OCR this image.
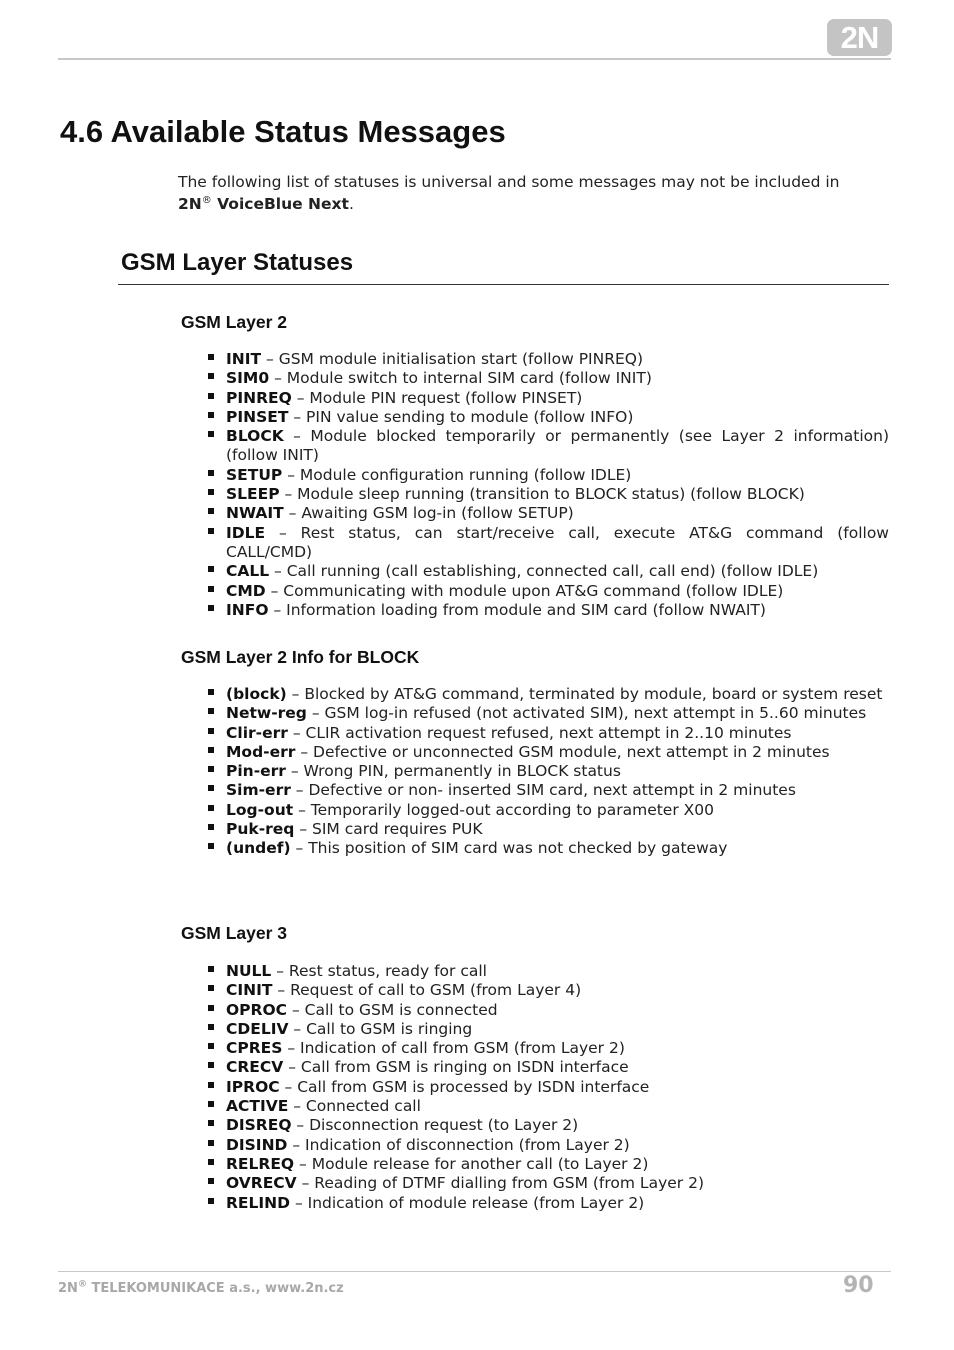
2N
4.6 Available Status Messages

The following list of statuses is universal and some messages may not be included in
2N® VoiceBlue Next.

GSM Layer Statuses
GSM Layer 2
INIT – GSM module initialisation start (follow PINREQ)
SIM0 – Module switch to internal SIM card (follow INIT)
PINREQ – Module PIN request (follow PINSET)
PINSET – PIN value sending to module (follow INFO)
BLOCK – Module blocked temporarily or permanently (see Layer 2 information) (follow INIT)
SETUP – Module configuration running (follow IDLE)
SLEEP – Module sleep running (transition to BLOCK status) (follow BLOCK)
NWAIT – Awaiting GSM log-in (follow SETUP)
IDLE – Rest status, can start/receive call, execute AT&G command (follow CALL/CMD)
CALL – Call running (call establishing, connected call, call end) (follow IDLE)
CMD – Communicating with module upon AT&G command (follow IDLE)
INFO – Information loading from module and SIM card (follow NWAIT)
GSM Layer 2 Info for BLOCK
(block) – Blocked by AT&G command, terminated by module, board or system reset
Netw-reg – GSM log-in refused (not activated SIM), next attempt in 5..60 minutes
Clir-err – CLIR activation request refused, next attempt in 2..10 minutes
Mod-err – Defective or unconnected GSM module, next attempt in 2 minutes
Pin-err – Wrong PIN, permanently in BLOCK status
Sim-err – Defective or non- inserted SIM card, next attempt in 2 minutes
Log-out – Temporarily logged-out according to parameter X00
Puk-req – SIM card requires PUK
(undef) – This position of SIM card was not checked by gateway
GSM Layer 3
NULL – Rest status, ready for call
CINIT – Request of call to GSM (from Layer 4)
OPROC – Call to GSM is connected
CDELIV – Call to GSM is ringing
CPRES – Indication of call from GSM (from Layer 2)
CRECV – Call from GSM is ringing on ISDN interface
IPROC – Call from GSM is processed by ISDN interface
ACTIVE – Connected call
DISREQ – Disconnection request (to Layer 2)
DISIND – Indication of disconnection (from Layer 2)
RELREQ – Module release for another call (to Layer 2)
OVRECV – Reading of DTMF dialling from GSM (from Layer 2)
RELIND – Indication of module release (from Layer 2)
2N® TELEKOMUNIKACE a.s., www.2n.cz	90
